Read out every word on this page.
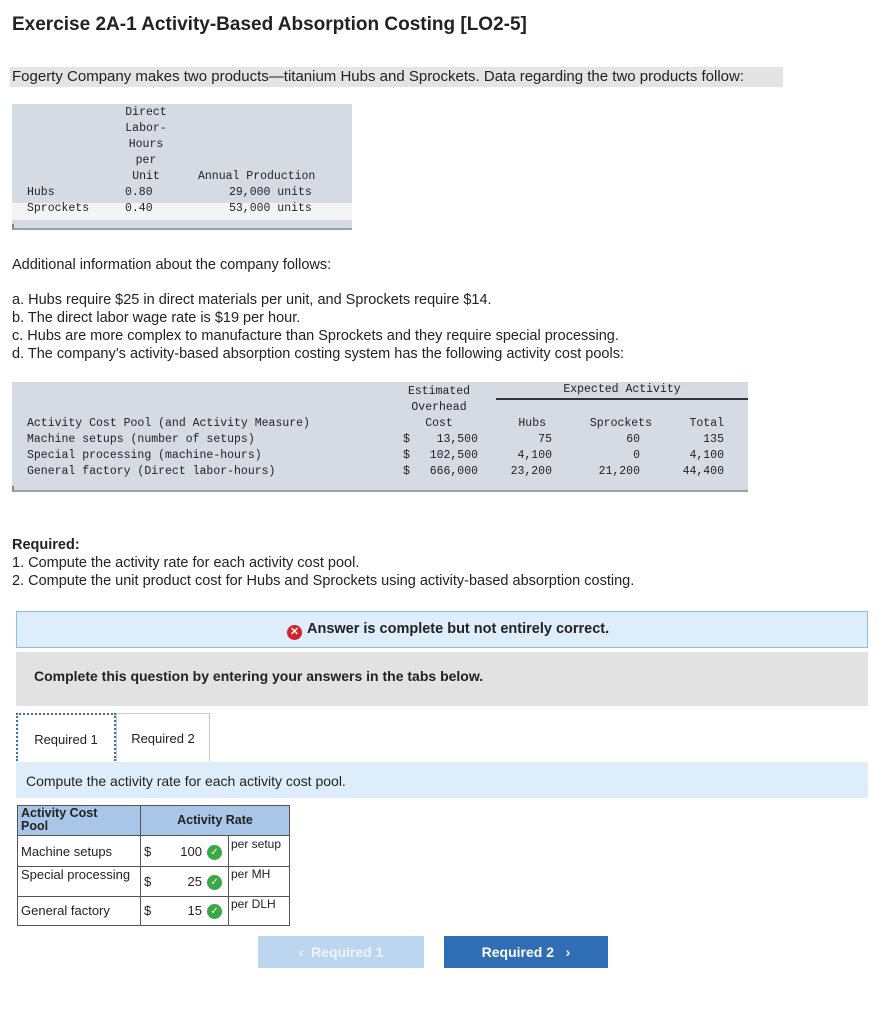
Exercise 2A-1 Activity-Based Absorption Costing [LO2-5]
Fogerty Company makes two products—titanium Hubs and Sprockets. Data regarding the two products follow:
Direct
Labor-
Hours
per
Unit	Annual Production
Hubs	0.80	29,000 units
Sprockets	0.40	53,000 units
Additional information about the company follows:
a. Hubs require $25 in direct materials per unit, and Sprockets require $14.
b. The direct labor wage rate is $19 per hour.
c. Hubs are more complex to manufacture than Sprockets and they require special processing.
d. The company’s activity-based absorption costing system has the following activity cost pools:
Estimated
Overhead
Cost
Expected Activity
Activity Cost Pool (and Activity Measure)	Hubs	Sprockets	Total
Machine setups (number of setups)	$	13,500	75	60	135
Special processing (machine-hours)	$	102,500	4,100	0	4,100
General factory (Direct labor-hours)	$	666,000	23,200	21,200	44,400
Required:
1. Compute the activity rate for each activity cost pool.
2. Compute the unit product cost for Hubs and Sprockets using activity-based absorption costing.
✕ Answer is complete but not entirely correct.
Complete this question by entering your answers in the tabs below.
Required 1	Required 2
Compute the activity rate for each activity cost pool.
Activity Cost Pool	Activity Rate
Machine setups $	100 ✓
per setup
Special processing	$	25 ✓
per MH
General factory	$	15 ✓
per DLH
‹ Required 1	Required 2 ›
